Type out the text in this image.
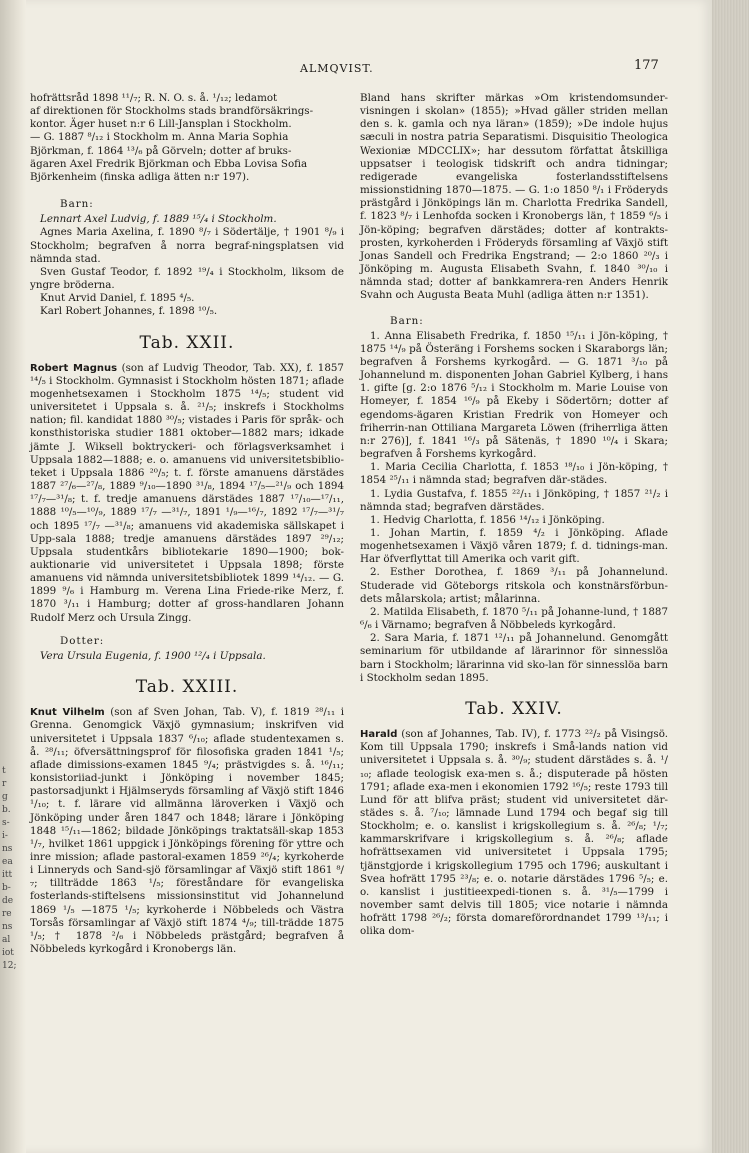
ALMQVIST.	177
t
r
g
b.
s-
i-
ns
ea
itt
b-
de
re
ns
al
iot
12;

hofrättsråd 1898 ¹¹/₇; R. N. O. s. å. ¹/₁₂; ledamot

af direktionen för Stockholms stads brandförsäkrings-

kontor. Äger huset n:r 6 Lill-Jansplan i Stockholm.

— G. 1887 ⁸/₁₂ i Stockholm m. Anna Maria Sophia

Björkman, f. 1864 ¹³/₆ på Görveln; dotter af bruks-

ägaren Axel Fredrik Björkman och Ebba Lovisa Sofia

Björkenheim (finska adliga ätten n:r 197).

Barn:

Lennart Axel Ludvig, f. 1889 ¹⁵/₄ i Stockholm.

Agnes Maria Axelina, f. 1890 ⁸/₇ i Södertälje, † 1901 ⁸/₉ i Stockholm; begrafven å norra begraf-ningsplatsen vid nämnda stad.

Sven Gustaf Teodor, f. 1892 ¹⁹/₄ i Stockholm, liksom de yngre bröderna.

Knut Arvid Daniel, f. 1895 ⁴/₅.

Karl Robert Johannes, f. 1898 ¹⁰/₅.

Tab. XXII.

Robert Magnus (son af Ludvig Theodor, Tab. XX), f. 1857 ¹⁴/₅ i Stockholm. Gymnasist i Stockholm hösten 1871; aflade mogenhetsexamen i Stockholm 1875 ¹⁴/₅; student vid universitetet i Uppsala s. å. ²¹/₅; inskrefs i Stockholms nation; fil. kandidat 1880 ³⁰/₅; vistades i Paris för språk- och konsthistoriska studier 1881 oktober—1882 mars; idkade jämte J. Wiksell boktryckeri- och förlagsverksamhet i Uppsala 1882—1888; e. o. amanuens vid universitetsbiblio-teket i Uppsala 1886 ²⁰/₅; t. f. förste amanuens därstädes 1887 ²⁷/₆—²⁷/₈, 1889 ⁹/₁₀—1890 ³¹/₈, 1894 ¹⁷/₅—²¹/₉ och 1894 ¹⁷/₇—³¹/₈; t. f. tredje amanuens därstädes 1887 ¹⁷/₁₀—¹⁷/₁₁, 1888 ¹⁰/₅—¹⁰/₉, 1889 ¹⁷/₇ —³¹/₇, 1891 ¹/₉—¹⁶/₇, 1892 ¹⁷/₇—³¹/₇ och 1895 ¹⁷/₇ —³¹/₈; amanuens vid akademiska sällskapet i Upp-sala 1888; tredje amanuens därstädes 1897 ²⁹/₁₂; Uppsala studentkårs bibliotekarie 1890—1900; bok-auktionarie vid universitetet i Uppsala 1898; förste amanuens vid nämnda universitetsbibliotek 1899 ¹⁴/₁₂. — G. 1899 ⁹/₆ i Hamburg m. Verena Lina Friede-rike Merz, f. 1870 ³/₁₁ i Hamburg; dotter af gross-handlaren Johann Rudolf Merz och Ursula Zingg.

Dotter:

Vera Ursula Eugenia, f. 1900 ¹²/₄ i Uppsala.

Tab. XXIII.

Knut Vilhelm (son af Sven Johan, Tab. V), f. 1819 ²⁸/₁₁ i Grenna. Genomgick Växjö gymnasium; inskrifven vid universitetet i Uppsala 1837 ⁶/₁₀; aflade studentexamen s. å. ²⁸/₁₁; öfversättningsprof för filosofiska graden 1841 ¹/₅; aflade dimissions-examen 1845 ⁹/₄; prästvigdes s. å. ¹⁶/₁₁; konsistoriiad-junkt i Jönköping i november 1845; pastorsadjunkt i Hjälmseryds församling af Växjö stift 1846 ¹/₁₀; t. f. lärare vid allmänna läroverken i Växjö och Jönköping under åren 1847 och 1848; lärare i Jönköping 1848 ¹⁵/₁₁—1862; bildade Jönköpings traktatsäll-skap 1853 ¹/₇, hvilket 1861 uppgick i Jönköpings förening för yttre och inre mission; aflade pastoral-examen 1859 ²⁶/₄; kyrkoherde i Linneryds och Sand-sjö församlingar af Växjö stift 1861 ⁸/₇; tillträdde 1863 ¹/₅; föreståndare för evangeliska fosterlands-stiftelsens missionsinstitut vid Johannelund 1869 ¹/₅ —1875 ¹/₅; kyrkoherde i Nöbbeleds och Västra Torsås församlingar af Växjö stift 1874 ⁴/₉; till-trädde 1875 ¹/₅; † 1878 ²/₆ i Nöbbeleds prästgård; begrafven å Nöbbeleds kyrkogård i Kronobergs län.

Bland hans skrifter märkas »Om kristendomsunder-visningen i skolan» (1855); »Hvad gäller striden mellan den s. k. gamla och nya läran» (1859); »De indole hujus sæculi in nostra patria Separatismi. Disquisitio Theologica Wexioniæ MDCCLIX»; har dessutom författat åtskilliga uppsatser i teologisk tidskrift och andra tidningar; redigerade evangeliska fosterlandsstiftelsens missionstidning 1870—1875. — G. 1:o 1850 ⁸/₁ i Fröderyds prästgård i Jönköpings län m. Charlotta Fredrika Sandell, f. 1823 ⁸/₇ i Lenhofda socken i Kronobergs län, † 1859 ⁶/₅ i Jön-köping; begrafven därstädes; dotter af kontrakts-prosten, kyrkoherden i Fröderyds församling af Växjö stift Jonas Sandell och Fredrika Engstrand; — 2:o 1860 ²⁰/₃ i Jönköping m. Augusta Elisabeth Svahn, f. 1840 ³⁰/₁₀ i nämnda stad; dotter af bankkamrera-ren Anders Henrik Svahn och Augusta Beata Muhl (adliga ätten n:r 1351).

Barn:

1. Anna Elisabeth Fredrika, f. 1850 ¹⁵/₁₁ i Jön-köping, † 1875 ¹⁴/₉ på Österäng i Forshems socken i Skaraborgs län; begrafven å Forshems kyrkogård. — G. 1871 ³/₁₀ på Johannelund m. disponenten Johan Gabriel Kylberg, i hans 1. gifte [g. 2:o 1876 ⁵/₁₂ i Stockholm m. Marie Louise von Homeyer, f. 1854 ¹⁶/₉ på Ekeby i Södertörn; dotter af egendoms-ägaren Kristian Fredrik von Homeyer och friherrin-nan Ottiliana Margareta Löwen (friherrliga ätten n:r 276)], f. 1841 ¹⁶/₃ på Sätenäs, † 1890 ¹⁰/₄ i Skara; begrafven å Forshems kyrkogård.

1. Maria Cecilia Charlotta, f. 1853 ¹⁸/₁₀ i Jön-köping, † 1854 ²⁵/₁₁ i nämnda stad; begrafven där-städes.

1. Lydia Gustafva, f. 1855 ²²/₁₁ i Jönköping, † 1857 ²¹/₂ i nämnda stad; begrafven därstädes.

1. Hedvig Charlotta, f. 1856 ¹⁴/₁₂ i Jönköping.

1. Johan Martin, f. 1859 ⁴/₂ i Jönköping. Aflade mogenhetsexamen i Växjö våren 1879; f. d. tidnings-man. Har öfverflyttat till Amerika och varit gift.

2. Esther Dorothea, f. 1869 ³/₁₁ på Johannelund. Studerade vid Göteborgs ritskola och konstnärsförbun-dets målarskola; artist; målarinna.

2. Matilda Elisabeth, f. 1870 ⁵/₁₁ på Johanne-lund, † 1887 ⁶/₆ i Värnamo; begrafven å Nöbbeleds kyrkogård.

2. Sara Maria, f. 1871 ¹²/₁₁ på Johannelund. Genomgått seminarium för utbildande af lärarinnor för sinnesslöa barn i Stockholm; lärarinna vid sko-lan för sinnesslöa barn i Stockholm sedan 1895.

Tab. XXIV.

Harald (son af Johannes, Tab. IV), f. 1773 ²²/₂ på Visingsö. Kom till Uppsala 1790; inskrefs i Små-lands nation vid universitetet i Uppsala s. å. ³⁰/₉; student därstädes s. å. ¹/₁₀; aflade teologisk exa-men s. å.; disputerade på hösten 1791; aflade exa-men i ekonomien 1792 ¹⁶/₅; reste 1793 till Lund för att blifva präst; student vid universitetet där-städes s. å. ⁷/₁₀; lämnade Lund 1794 och begaf sig till Stockholm; e. o. kanslist i krigskollegium s. å. ²⁶/₈; ¹/₇; kammarskrifvare i krigskollegium s. å. ²⁶/₈; aflade hofrättsexamen vid universitetet i Uppsala 1795; tjänstgjorde i krigskollegium 1795 och 1796; auskultant i Svea hofrätt 1795 ²³/₈; e. o. notarie därstädes 1796 ⁵/₅; e. o. kanslist i justitieexpedi-tionen s. å. ³¹/₅—1799 i november samt delvis till 1805; vice notarie i nämnda hofrätt 1798 ²⁶/₂; första domareförordnandet 1799 ¹³/₁₁; i olika dom-
